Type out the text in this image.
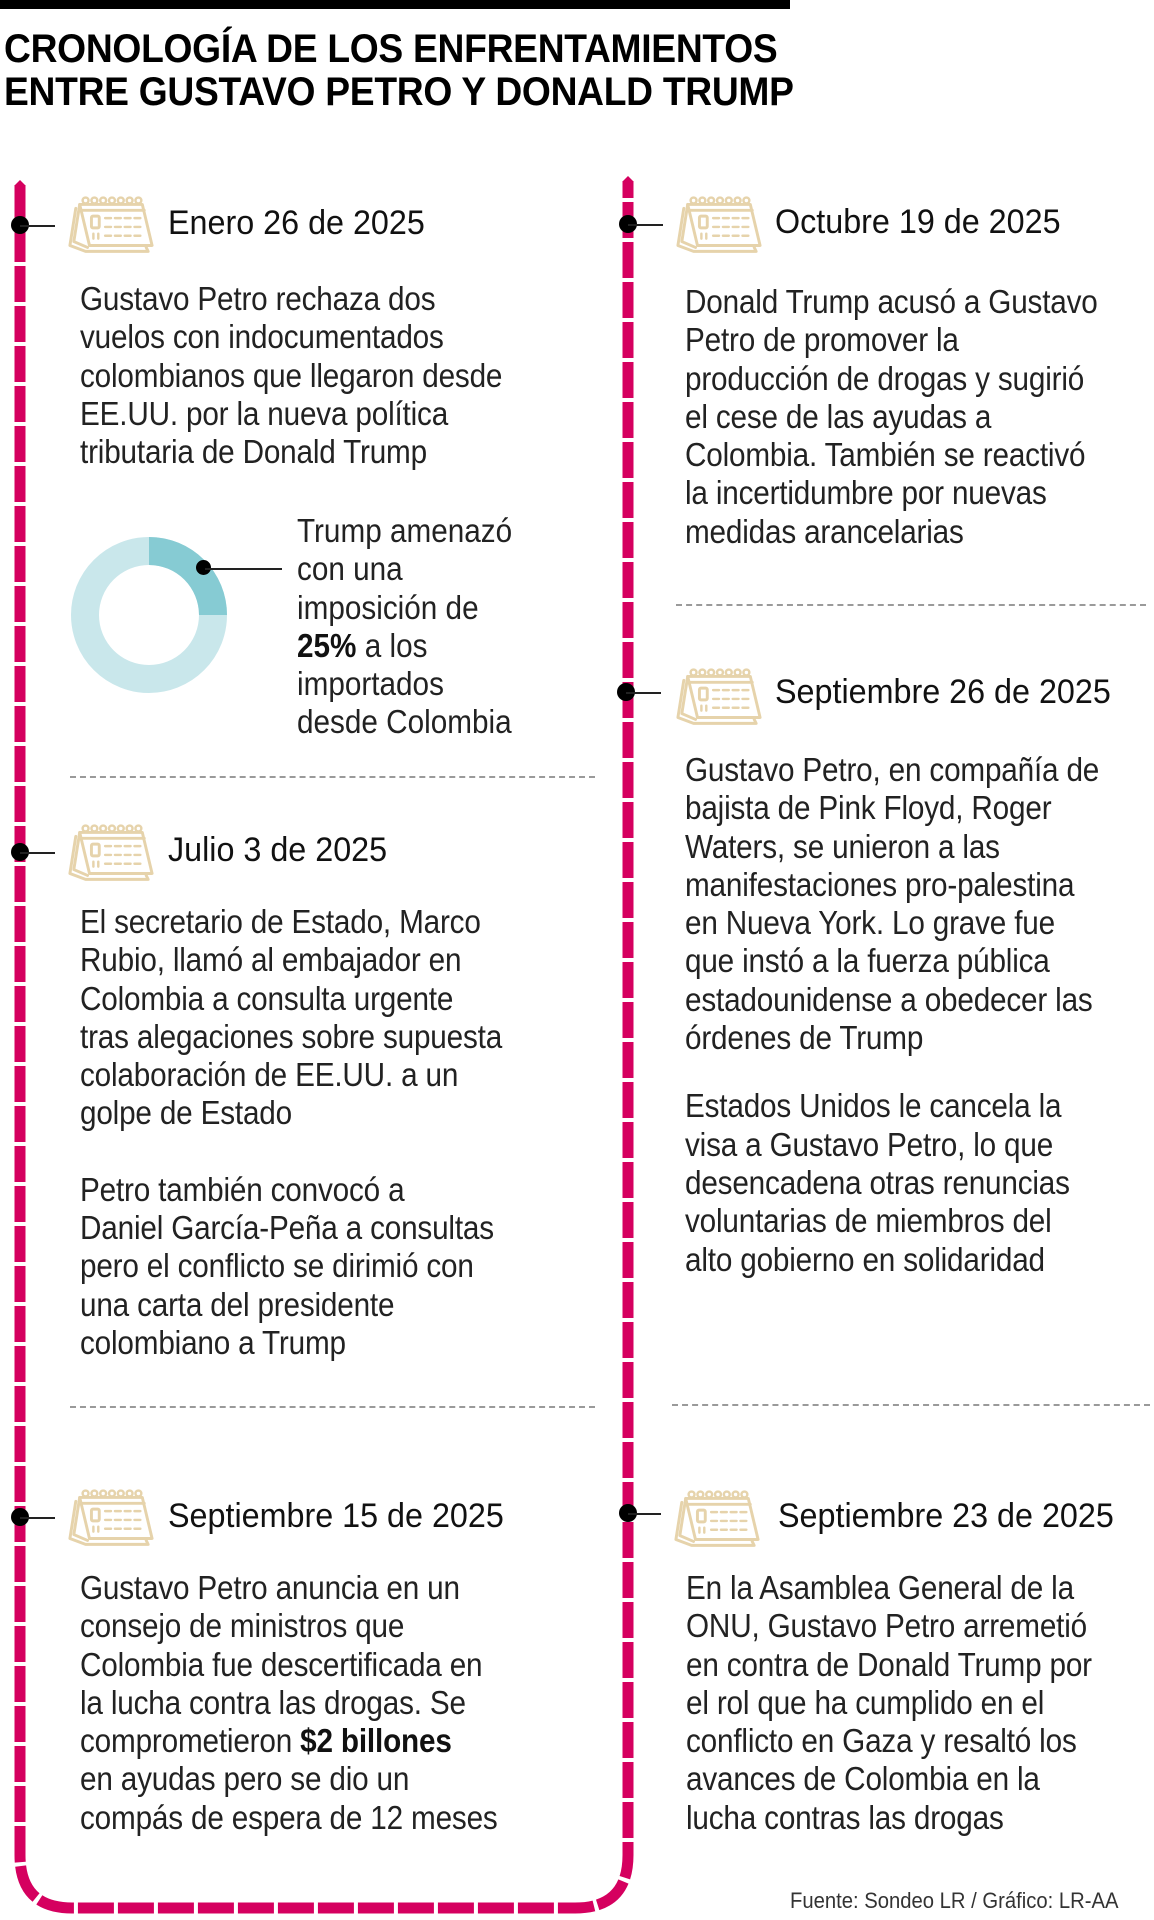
CRONOLOGÍA DE LOS ENFRENTAMIENTOS
ENTRE GUSTAVO PETRO Y DONALD TRUMP
Enero 26 de 2025

Gustavo Petro rechaza dos

vuelos con indocumentados

colombianos que llegaron desde

EE.UU. por la nueva política

tributaria de Donald Trump

Trump amenazó
con una
imposición de
25% a los
importados
desde Colombia
Julio 3 de 2025

El secretario de Estado, Marco

Rubio, llamó al embajador en

Colombia a consulta urgente

tras alegaciones sobre supuesta

colaboración de EE.UU. a un

golpe de Estado

Petro también convocó a

Daniel García-Peña a consultas

pero el conflicto se dirimió con

una carta del presidente

colombiano a Trump

Septiembre 15 de 2025

Gustavo Petro anuncia en un

consejo de ministros que

Colombia fue descertificada en

la lucha contra las drogas. Se

comprometieron $2 billones

en ayudas pero se dio un

compás de espera de 12 meses

Octubre 19 de 2025

Donald Trump acusó a Gustavo

Petro de promover la

producción de drogas y sugirió

el cese de las ayudas a

Colombia. También se reactivó

la incertidumbre por nuevas

medidas arancelarias

Septiembre 26 de 2025

Gustavo Petro, en compañía de

bajista de Pink Floyd, Roger

Waters, se unieron a las

manifestaciones pro-palestina

en Nueva York. Lo grave fue

que instó a la fuerza pública

estadounidense a obedecer las

órdenes de Trump

Estados Unidos le cancela la

visa a Gustavo Petro, lo que

desencadena otras renuncias

voluntarias de miembros del

alto gobierno en solidaridad

Septiembre 23 de 2025

En la Asamblea General de la

ONU, Gustavo Petro arremetió

en contra de Donald Trump por

el rol que ha cumplido en el

conflicto en Gaza y resaltó los

avances de Colombia en la

lucha contras las drogas

Fuente: Sondeo LR / Gráfico: LR-AA
